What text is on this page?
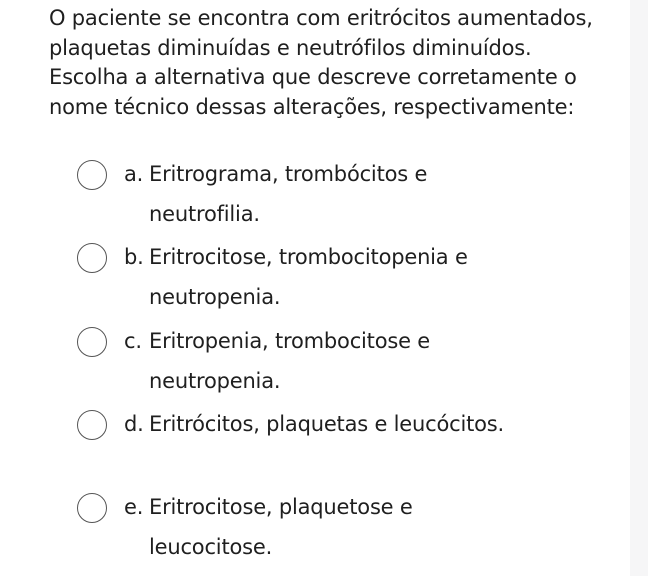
O paciente se encontra com eritrócitos aumentados, plaquetas diminuídas e neutrófilos diminuídos. Escolha a alternativa que descreve corretamente o nome técnico dessas alterações, respectivamente:

a. Eritrograma, trombócitos e neutrofilia.
b. Eritrocitose, trombocitopenia e neutropenia.
c. Eritropenia, trombocitose e neutropenia.
d. Eritrócitos, plaquetas e leucócitos.
e. Eritrocitose, plaquetose e leucocitose.
